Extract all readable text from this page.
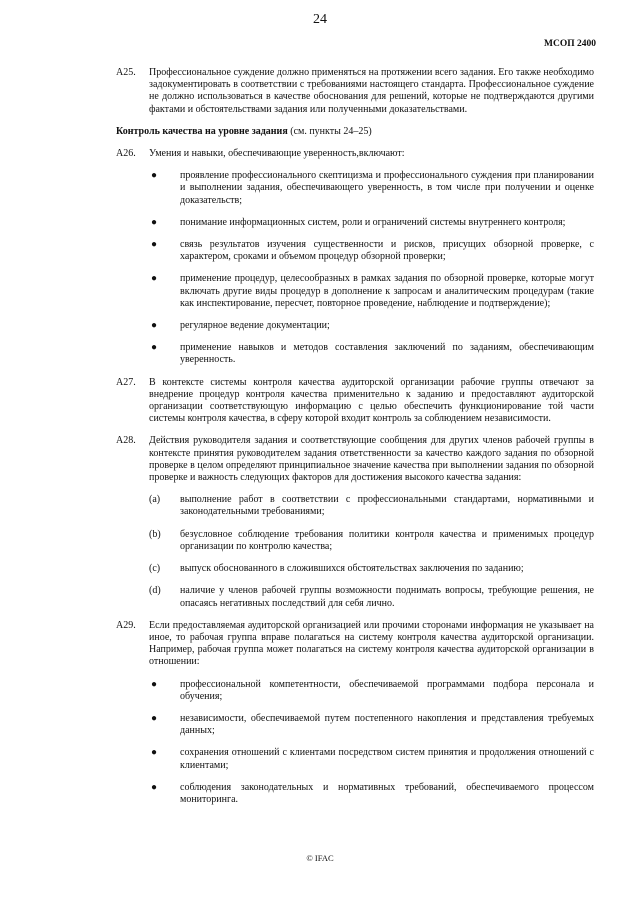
24
МСОП 2400
A25. Профессиональное суждение должно применяться на протяжении всего задания. Его также необходимо задокументировать в соответствии с требованиями настоящего стандарта. Профессиональное суждение не должно использоваться в качестве обоснования для решений, которые не подтверждаются другими фактами и обстоятельствами задания или полученными доказательствами.
Контроль качества на уровне задания (см. пункты 24–25)
A26. Умения и навыки, обеспечивающие уверенность,включают:
● проявление профессионального скептицизма и профессионального суждения при планировании и выполнении задания, обеспечивающего уверенность, в том числе при получении и оценке доказательств;
● понимание информационных систем, роли и ограничений системы внутреннего контроля;
● связь результатов изучения существенности и рисков, присущих обзорной проверке, с характером, сроками и объемом процедур обзорной проверки;
● применение процедур, целесообразных в рамках задания по обзорной проверке, которые могут включать другие виды процедур в дополнение к запросам и аналитическим процедурам (такие как инспектирование, пересчет, повторное проведение, наблюдение и подтверждение);
● регулярное ведение документации;
● применение навыков и методов составления заключений по заданиям, обеспечивающим уверенность.
A27. В контексте системы контроля качества аудиторской организации рабочие группы отвечают за внедрение процедур контроля качества применительно к заданию и предоставляют аудиторской организации соответствующую информацию с целью обеспечить функционирование той части системы контроля качества, в сферу которой входит контроль за соблюдением независимости.
A28. Действия руководителя задания и соответствующие сообщения для других членов рабочей группы в контексте принятия руководителем задания ответственности за качество каждого задания по обзорной проверке в целом определяют принципиальное значение качества при выполнении задания по обзорной проверке и важность следующих факторов для достижения высокого качества задания:
(a) выполнение работ в соответствии с профессиональными стандартами, нормативными и законодательными требованиями;
(b) безусловное соблюдение требования политики контроля качества и применимых процедур организации по контролю качества;
(c) выпуск обоснованного в сложившихся обстоятельствах заключения по заданию;
(d) наличие у членов рабочей группы возможности поднимать вопросы, требующие решения, не опасаясь негативных последствий для себя лично.
A29. Если предоставляемая аудиторской организацией или прочими сторонами информация не указывает на иное, то рабочая группа вправе полагаться на систему контроля качества аудиторской организации. Например, рабочая группа может полагаться на систему контроля качества аудиторской организации в отношении:
● профессиональной компетентности, обеспечиваемой программами подбора персонала и обучения;
● независимости, обеспечиваемой путем постепенного накопления и представления требуемых данных;
● сохранения отношений с клиентами посредством систем принятия и продолжения отношений с клиентами;
● соблюдения законодательных и нормативных требований, обеспечиваемого процессом мониторинга.
© IFAC
